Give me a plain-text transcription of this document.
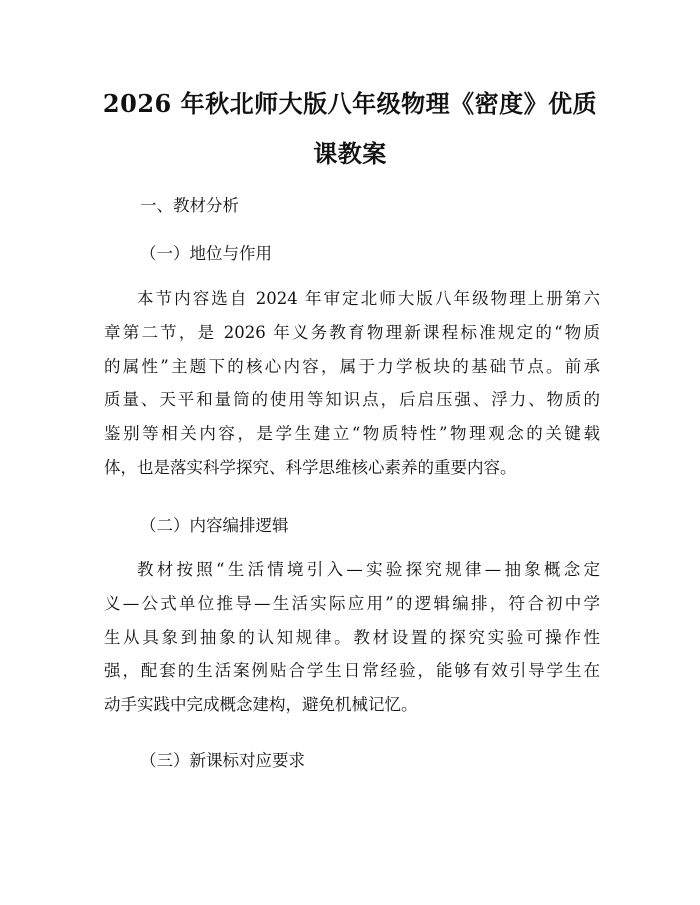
2026 年秋北师大版八年级物理《密度》优质
课教案
一、教材分析
（一）地位与作用
本节内容选自 2024 年审定北师大版八年级物理上册第六
章第二节，是 2026 年义务教育物理新课程标准规定的“物质
的属性”主题下的核心内容，属于力学板块的基础节点。前承
质量、天平和量筒的使用等知识点，后启压强、浮力、物质的
鉴别等相关内容，是学生建立“物质特性”物理观念的关键载
体，也是落实科学探究、科学思维核心素养的重要内容。
（二）内容编排逻辑
教材按照“生活情境引入—实验探究规律—抽象概念定
义—公式单位推导—生活实际应用”的逻辑编排，符合初中学
生从具象到抽象的认知规律。教材设置的探究实验可操作性
强，配套的生活案例贴合学生日常经验，能够有效引导学生在
动手实践中完成概念建构，避免机械记忆。
（三）新课标对应要求
